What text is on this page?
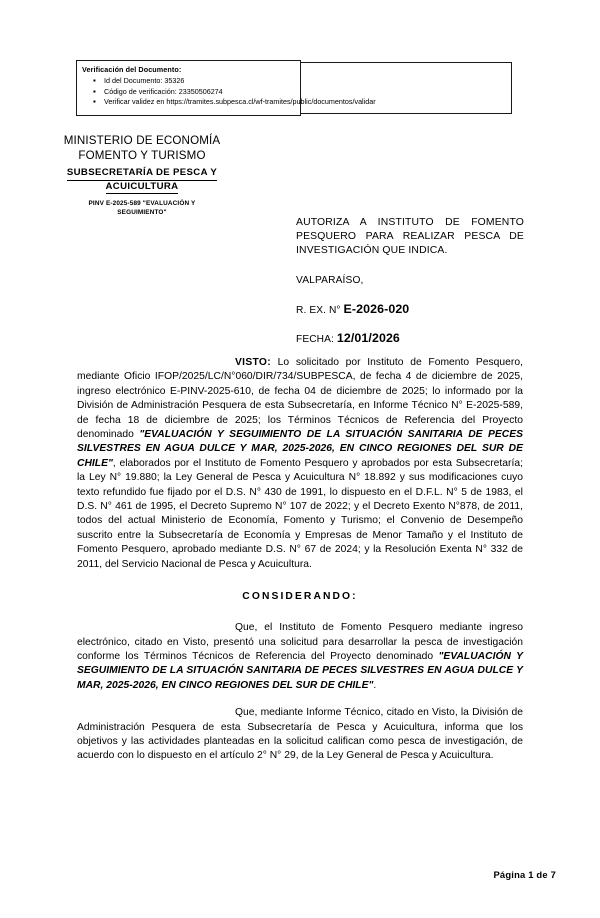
Verificación del Documento:

▪ Id del Documento: 35326
▪ Código de verificación: 23350506274
▪ Verificar validez en https://tramites.subpesca.cl/wf-tramites/public/documentos/validar
MINISTERIO DE ECONOMÍA
FOMENTO Y TURISMO
SUBSECRETARÍA DE PESCA Y
ACUICULTURA
PINV E-2025-589 "EVALUACIÓN Y
SEGUIMIENTO"
AUTORIZA A INSTITUTO DE FOMENTO PESQUERO PARA REALIZAR PESCA DE INVESTIGACIÓN QUE INDICA.
VALPARAÍSO,
R. EX. N° E-2026-020
FECHA: 12/01/2026

VISTO: Lo solicitado por Instituto de Fomento Pesquero, mediante Oficio IFOP/2025/LC/N°060/DIR/734/SUBPESCA, de fecha 4 de diciembre de 2025, ingreso electrónico E-PINV-2025-610, de fecha 04 de diciembre de 2025; lo informado por la División de Administración Pesquera de esta Subsecretaría, en Informe Técnico N° E-2025-589, de fecha 18 de diciembre de 2025; los Términos Técnicos de Referencia del Proyecto denominado "EVALUACIÓN Y SEGUIMIENTO DE LA SITUACIÓN SANITARIA DE PECES SILVESTRES EN AGUA DULCE Y MAR, 2025-2026, EN CINCO REGIONES DEL SUR DE CHILE", elaborados por el Instituto de Fomento Pesquero y aprobados por esta Subsecretaría; la Ley N° 19.880; la Ley General de Pesca y Acuicultura N° 18.892 y sus modificaciones cuyo texto refundido fue fijado por el D.S. N° 430 de 1991, lo dispuesto en el D.F.L. N° 5 de 1983, el D.S. N° 461 de 1995, el Decreto Supremo N° 107 de 2022; y el Decreto Exento N°878, de 2011, todos del actual Ministerio de Economía, Fomento y Turismo; el Convenio de Desempeño suscrito entre la Subsecretaría de Economía y Empresas de Menor Tamaño y el Instituto de Fomento Pesquero, aprobado mediante D.S. N° 67 de 2024; y la Resolución Exenta N° 332 de 2011, del Servicio Nacional de Pesca y Acuicultura.

CONSIDERANDO:

Que, el Instituto de Fomento Pesquero mediante ingreso electrónico, citado en Visto, presentó una solicitud para desarrollar la pesca de investigación conforme los Términos Técnicos de Referencia del Proyecto denominado "EVALUACIÓN Y SEGUIMIENTO DE LA SITUACIÓN SANITARIA DE PECES SILVESTRES EN AGUA DULCE Y MAR, 2025-2026, EN CINCO REGIONES DEL SUR DE CHILE".

Que, mediante Informe Técnico, citado en Visto, la División de Administración Pesquera de esta Subsecretaría de Pesca y Acuicultura, informa que los objetivos y las actividades planteadas en la solicitud califican como pesca de investigación, de acuerdo con lo dispuesto en el artículo 2° N° 29, de la Ley General de Pesca y Acuicultura.

Página 1 de 7
